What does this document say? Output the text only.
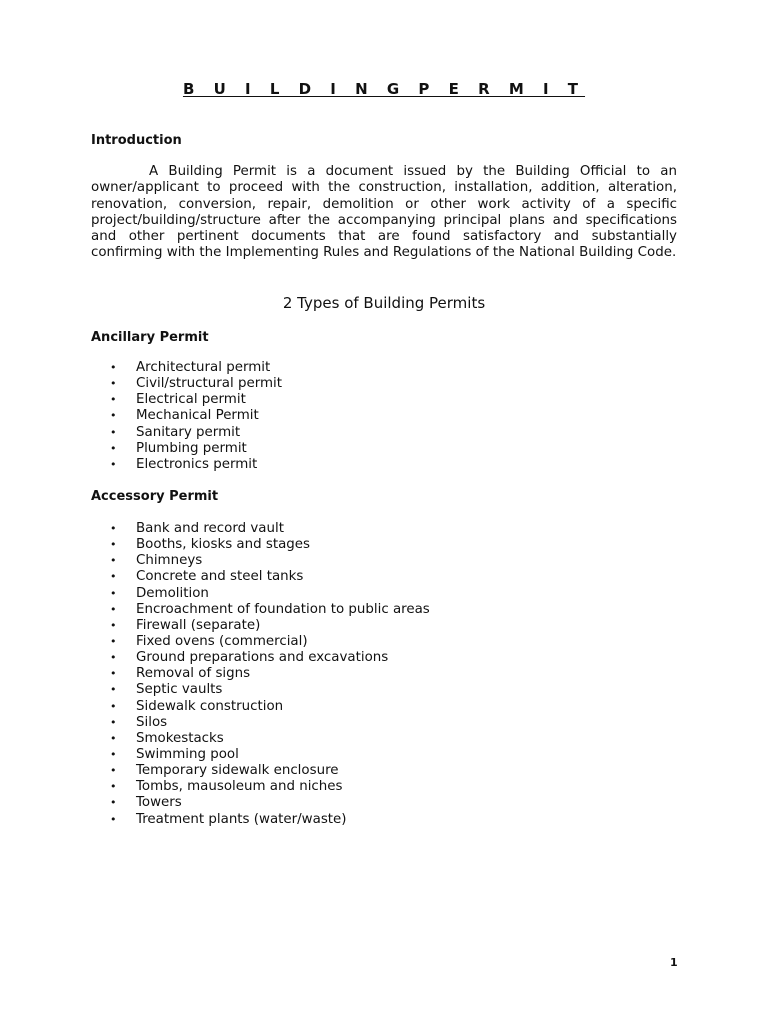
B U I L D I N G P E R M I T
Introduction

A Building Permit is a document issued by the Building Official to an owner/applicant to proceed with the construction, installation, addition, alteration, renovation, conversion, repair, demolition or other work activity of a specific project/building/structure after the accompanying principal plans and specifications and other pertinent documents that are found satisfactory and substantially confirming with the Implementing Rules and Regulations of the National Building Code.

2 Types of Building Permits
Ancillary Permit
• Architectural permit
• Civil/structural permit
• Electrical permit
• Mechanical Permit
• Sanitary permit
• Plumbing permit
• Electronics permit
Accessory Permit
• Bank and record vault
• Booths, kiosks and stages
• Chimneys
• Concrete and steel tanks
• Demolition
• Encroachment of foundation to public areas
• Firewall (separate)
• Fixed ovens (commercial)
• Ground preparations and excavations
• Removal of signs
• Septic vaults
• Sidewalk construction
• Silos
• Smokestacks
• Swimming pool
• Temporary sidewalk enclosure
• Tombs, mausoleum and niches
• Towers
• Treatment plants (water/waste)
1
